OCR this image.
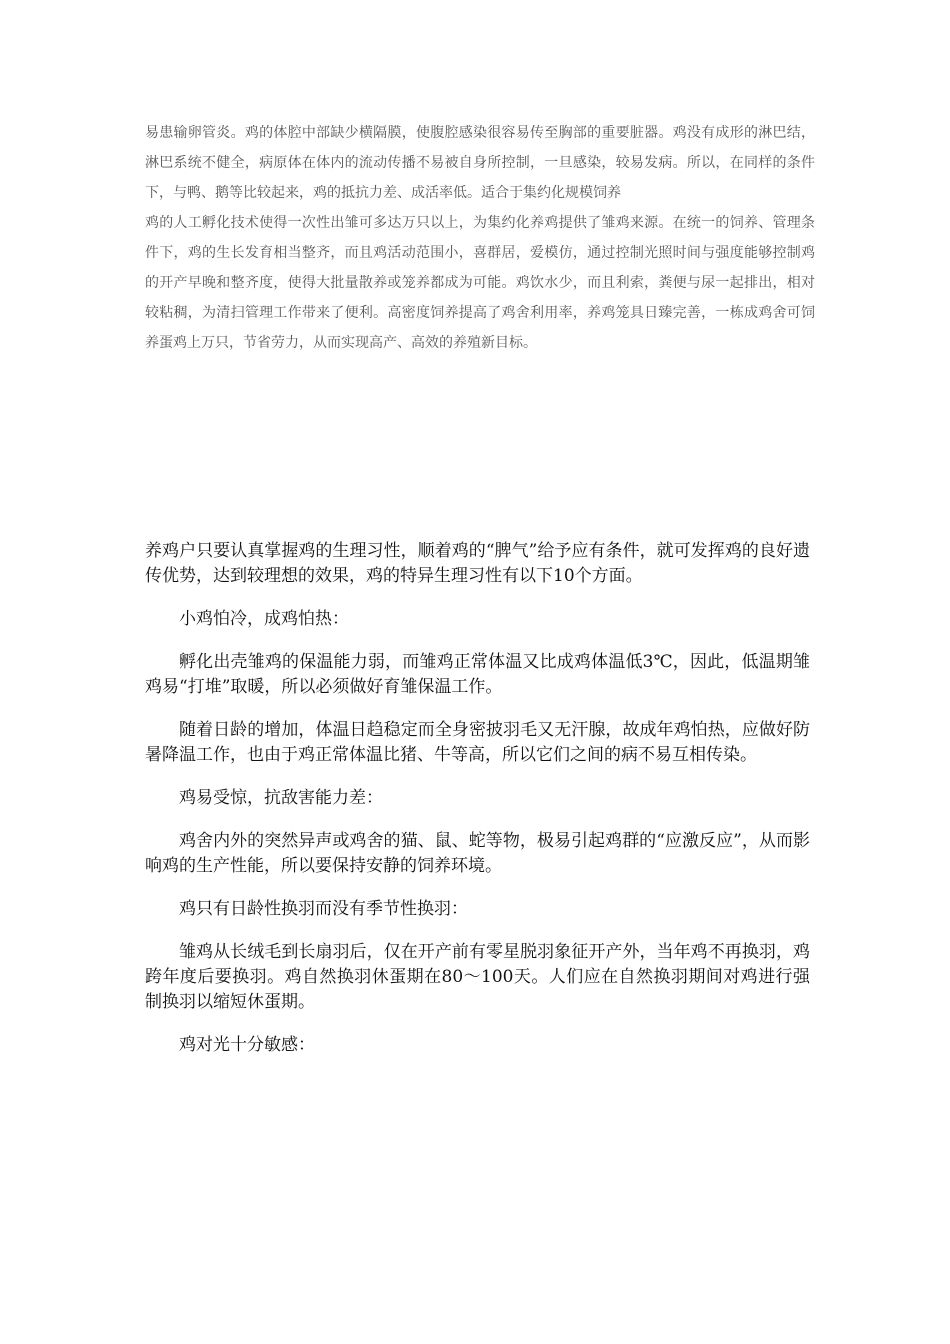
易患输卵管炎。鸡的体腔中部缺少横隔膜，使腹腔感染很容易传至胸部的重要脏器。鸡没有成形的淋巴结，淋巴系统不健全，病原体在体内的流动传播不易被自身所控制，一旦感染，较易发病。所以，在同样的条件下，与鸭、鹅等比较起来，鸡的抵抗力差、成活率低。适合于集约化规模饲养

鸡的人工孵化技术使得一次性出雏可多达万只以上，为集约化养鸡提供了雏鸡来源。在统一的饲养、管理条件下，鸡的生长发育相当整齐，而且鸡活动范围小，喜群居，爱模仿，通过控制光照时间与强度能够控制鸡的开产早晚和整齐度，使得大批量散养或笼养都成为可能。鸡饮水少，而且利索，粪便与尿一起排出，相对较粘稠，为清扫管理工作带来了便利。高密度饲养提高了鸡舍利用率，养鸡笼具日臻完善，一栋成鸡舍可饲养蛋鸡上万只，节省劳力，从而实现高产、高效的养殖新目标。

养鸡户只要认真掌握鸡的生理习性，顺着鸡的“脾气”给予应有条件，就可发挥鸡的良好遗传优势，达到较理想的效果，鸡的特异生理习性有以下10个方面。

小鸡怕冷，成鸡怕热：

孵化出壳雏鸡的保温能力弱，而雏鸡正常体温又比成鸡体温低3℃，因此，低温期雏鸡易“打堆”取暖，所以必须做好育雏保温工作。

随着日龄的增加，体温日趋稳定而全身密披羽毛又无汗腺，故成年鸡怕热，应做好防暑降温工作，也由于鸡正常体温比猪、牛等高，所以它们之间的病不易互相传染。

鸡易受惊，抗敌害能力差：

鸡舍内外的突然异声或鸡舍的猫、鼠、蛇等物，极易引起鸡群的“应激反应”，从而影响鸡的生产性能，所以要保持安静的饲养环境。

鸡只有日龄性换羽而没有季节性换羽：

雏鸡从长绒毛到长扇羽后，仅在开产前有零星脱羽象征开产外，当年鸡不再换羽，鸡跨年度后要换羽。鸡自然换羽休蛋期在80～100天。人们应在自然换羽期间对鸡进行强制换羽以缩短休蛋期。

鸡对光十分敏感：
